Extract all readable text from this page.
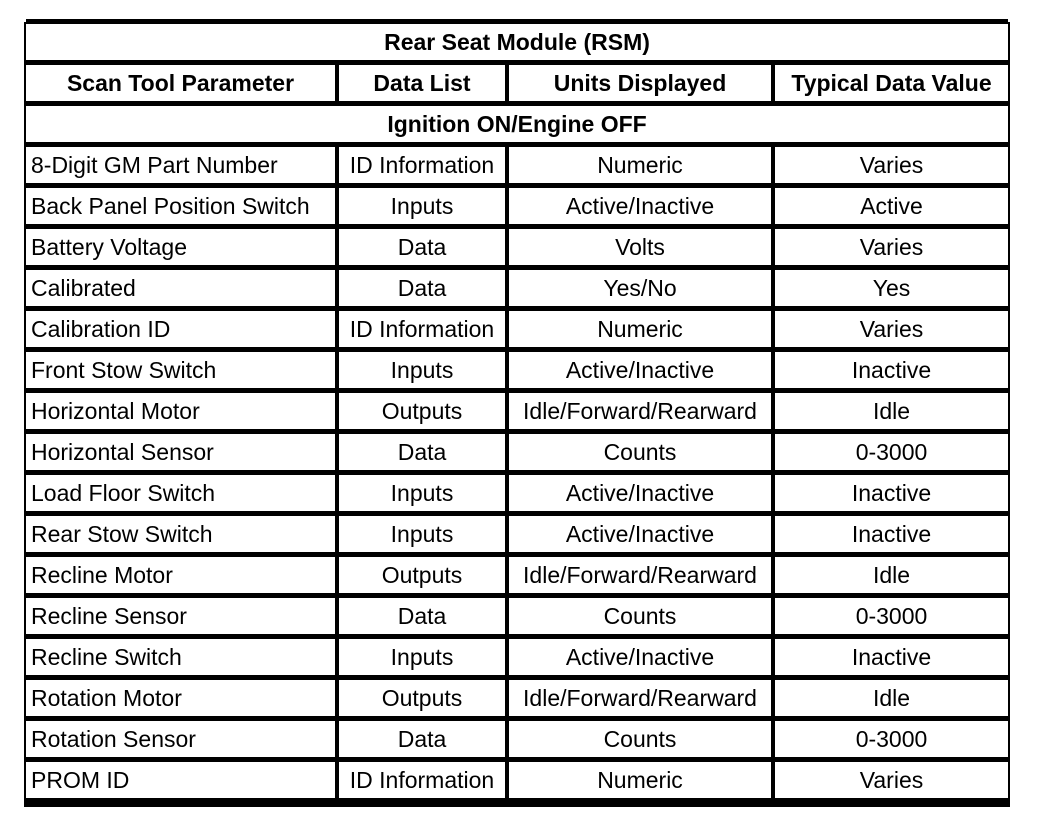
Rear Seat Module (RSM)			
Scan Tool Parameter	Data List	Units Displayed	Typical Data Value
Ignition ON/Engine OFF			
8-Digit GM Part Number	ID Information	Numeric	Varies
Back Panel Position Switch	Inputs	Active/Inactive	Active
Battery Voltage	Data	Volts	Varies
Calibrated	Data	Yes/No	Yes
Calibration ID	ID Information	Numeric	Varies
Front Stow Switch	Inputs	Active/Inactive	Inactive
Horizontal Motor	Outputs	Idle/Forward/Rearward	Idle
Horizontal Sensor	Data	Counts	0-3000
Load Floor Switch	Inputs	Active/Inactive	Inactive
Rear Stow Switch	Inputs	Active/Inactive	Inactive
Recline Motor	Outputs	Idle/Forward/Rearward	Idle
Recline Sensor	Data	Counts	0-3000
Recline Switch	Inputs	Active/Inactive	Inactive
Rotation Motor	Outputs	Idle/Forward/Rearward	Idle
Rotation Sensor	Data	Counts	0-3000
PROM ID	ID Information	Numeric	Varies
